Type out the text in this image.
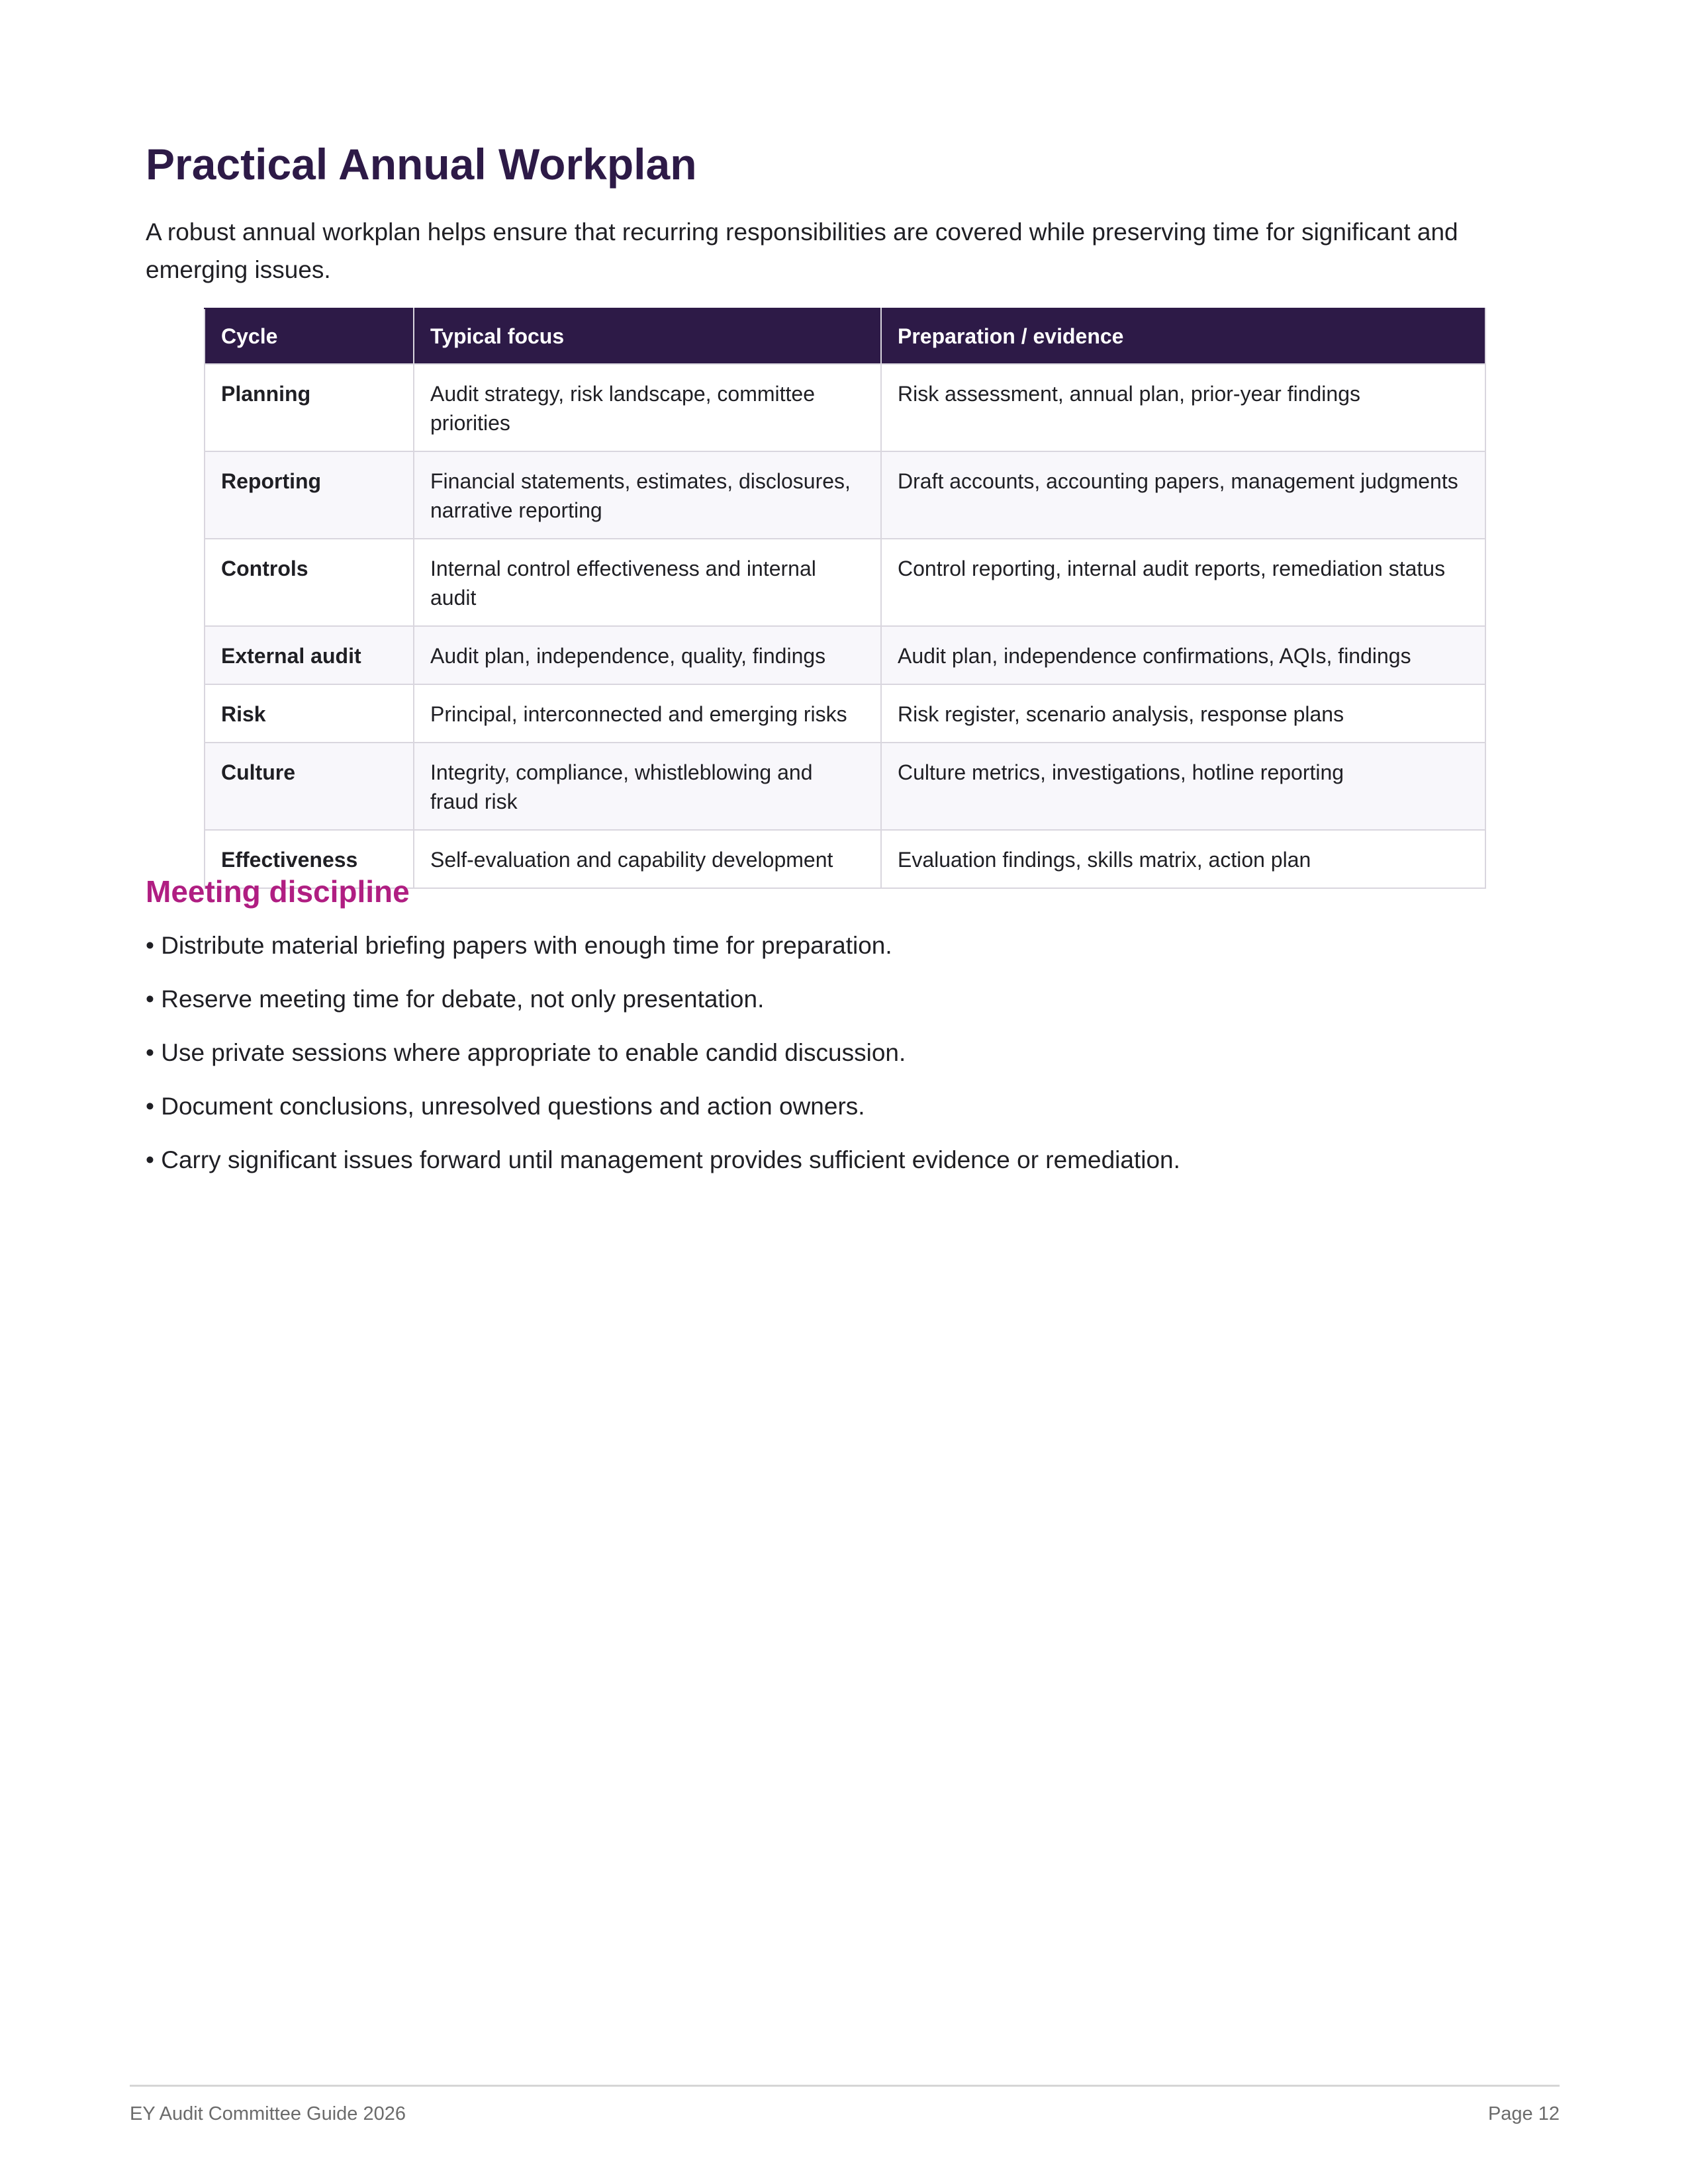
Practical Annual Workplan

A robust annual workplan helps ensure that recurring responsibilities are covered while preserving time for significant and emerging issues.

Cycle	Typical focus	Preparation / evidence
Planning	Audit strategy, risk landscape, committee priorities	Risk assessment, annual plan, prior-year findings
Reporting	Financial statements, estimates, disclosures, narrative reporting	Draft accounts, accounting papers, management judgments
Controls	Internal control effectiveness and internal audit	Control reporting, internal audit reports, remediation status
External audit	Audit plan, independence, quality, findings	Audit plan, independence confirmations, AQIs, findings
Risk	Principal, interconnected and emerging risks	Risk register, scenario analysis, response plans
Culture	Integrity, compliance, whistleblowing and fraud risk	Culture metrics, investigations, hotline reporting
Effectiveness	Self-evaluation and capability development	Evaluation findings, skills matrix, action plan
Meeting discipline
• Distribute material briefing papers with enough time for preparation.
• Reserve meeting time for debate, not only presentation.
• Use private sessions where appropriate to enable candid discussion.
• Document conclusions, unresolved questions and action owners.
• Carry significant issues forward until management provides sufficient evidence or remediation.
EY Audit Committee Guide 2026	Page 12
